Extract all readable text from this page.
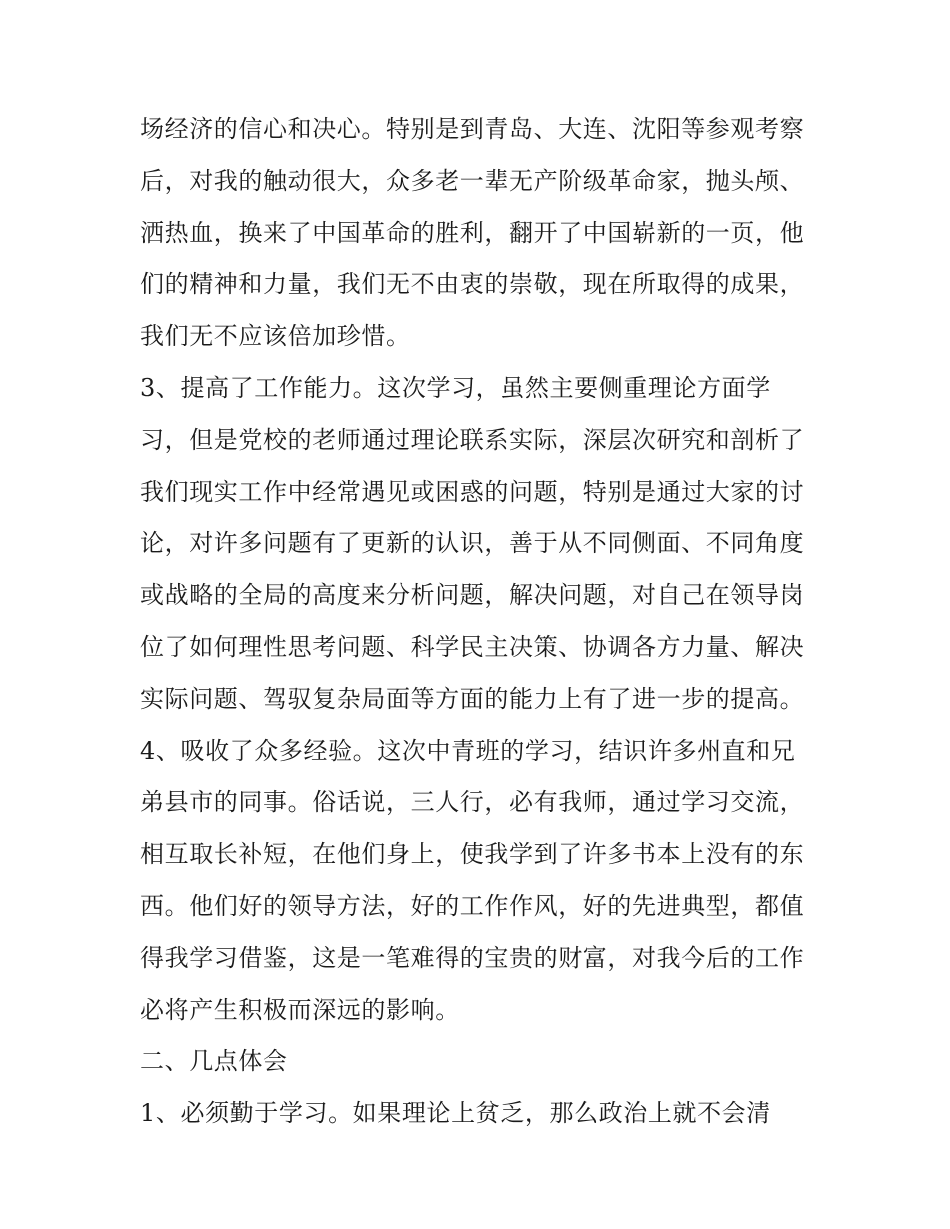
场经济的信心和决心。特别是到青岛、大连、沈阳等参观考察
后，对我的触动很大，众多老一辈无产阶级革命家，抛头颅、
洒热血，换来了中国革命的胜利，翻开了中国崭新的一页，他
们的精神和力量，我们无不由衷的崇敬，现在所取得的成果，
我们无不应该倍加珍惜。
3、提高了工作能力。这次学习，虽然主要侧重理论方面学
习，但是党校的老师通过理论联系实际，深层次研究和剖析了
我们现实工作中经常遇见或困惑的问题，特别是通过大家的讨
论，对许多问题有了更新的认识，善于从不同侧面、不同角度
或战略的全局的高度来分析问题，解决问题，对自己在领导岗
位了如何理性思考问题、科学民主决策、协调各方力量、解决
实际问题、驾驭复杂局面等方面的能力上有了进一步的提高。
4、吸收了众多经验。这次中青班的学习，结识许多州直和兄
弟县市的同事。俗话说，三人行，必有我师，通过学习交流，
相互取长补短，在他们身上，使我学到了许多书本上没有的东
西。他们好的领导方法，好的工作作风，好的先进典型，都值
得我学习借鉴，这是一笔难得的宝贵的财富，对我今后的工作
必将产生积极而深远的影响。
二、几点体会
1、必须勤于学习。如果理论上贫乏，那么政治上就不会清
